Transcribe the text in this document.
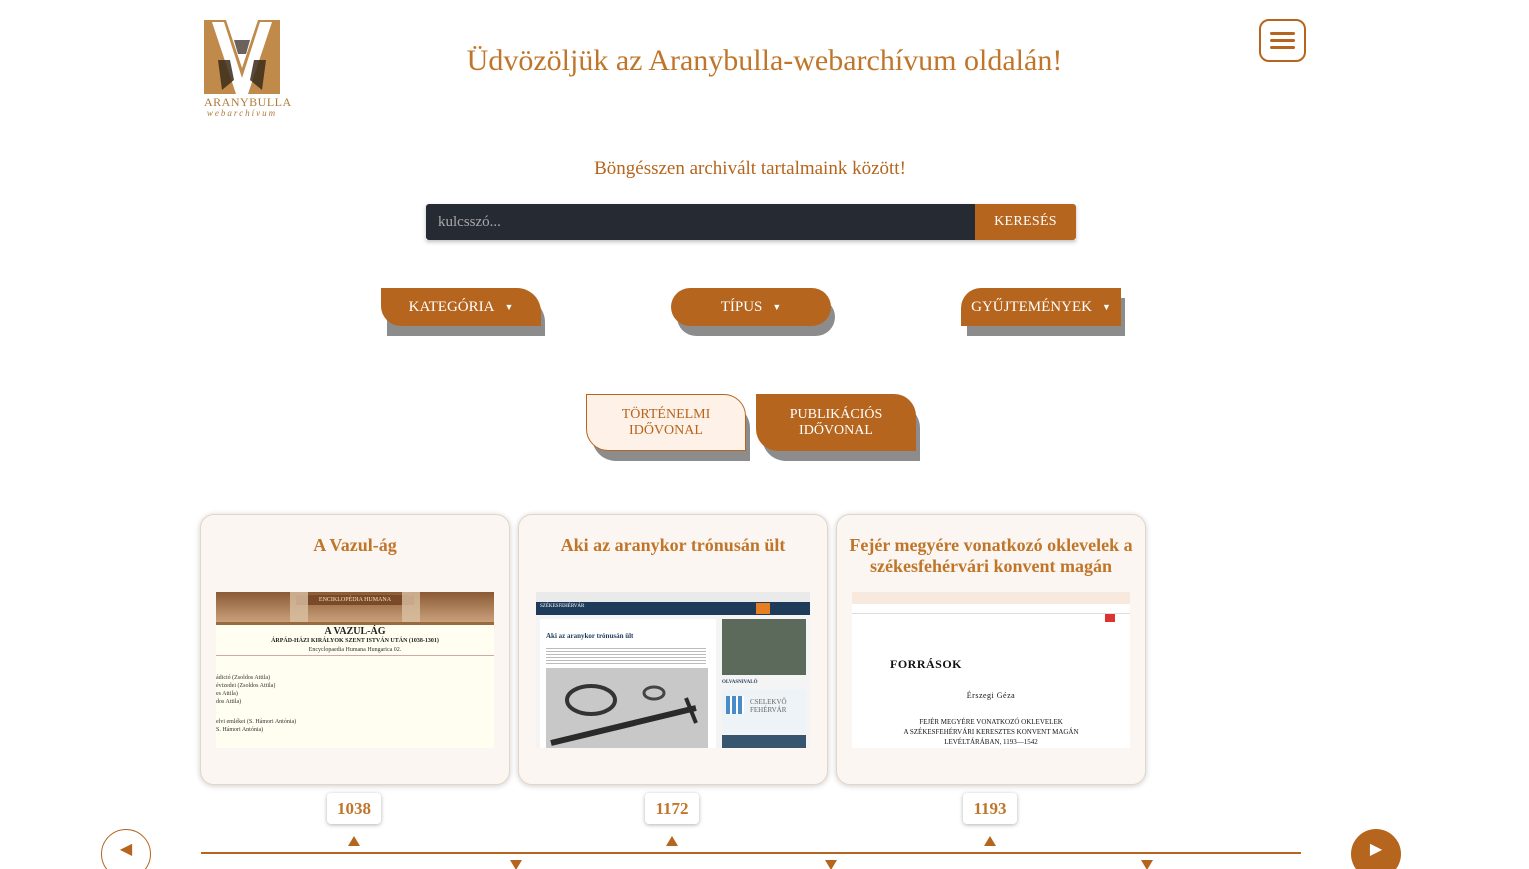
ARANYBULLA
webarchívum
Üdvözöljük az Aranybulla-webarchívum oldalán!
Böngésszen archivált tartalmaink között!
kulcsszó...
KERESÉS
KATEGÓRIA ▼	TÍPUS ▼	GYŰJTEMÉNYEK ▼
TÖRTÉNELMI
IDŐVONAL
PUBLIKÁCIÓS
IDŐVONAL
A Vazul-ág
ENCIKLOPÉDIA HUMANA
A VAZUL-ÁG
ÁRPÁD-HÁZI KIRÁLYOK SZENT ISTVÁN UTÁN (1038-1301)
Encyclopaedia Humana Hungarica 02.
ádició (Zsoldos Attila)
évizedei (Zsoldos Attila)
es Attila)
dos Attila)
elvi emlékei (S. Hámori Antónia)
S. Hámori Antónia)
Aki az aranykor trónusán ült
SZÉKESFEHÉRVÁR
Aki az aranykor trónusán ült
OLVASNIVALÓ
CSELEKVŐ
FEHÉRVÁR
Fejér megyére vonatkozó oklevelek a székesfehérvári konvent magán
FORRÁSOK
Érszegi Géza
FEJÉR MEGYÉRE VONATKOZÓ OKLEVELEK
A SZÉKESFEHÉRVÁRI KERESZTES KONVENT MAGÁN
LEVÉLTÁRÁBAN, 1193—1542
1038	1172	1193
◀	▶
